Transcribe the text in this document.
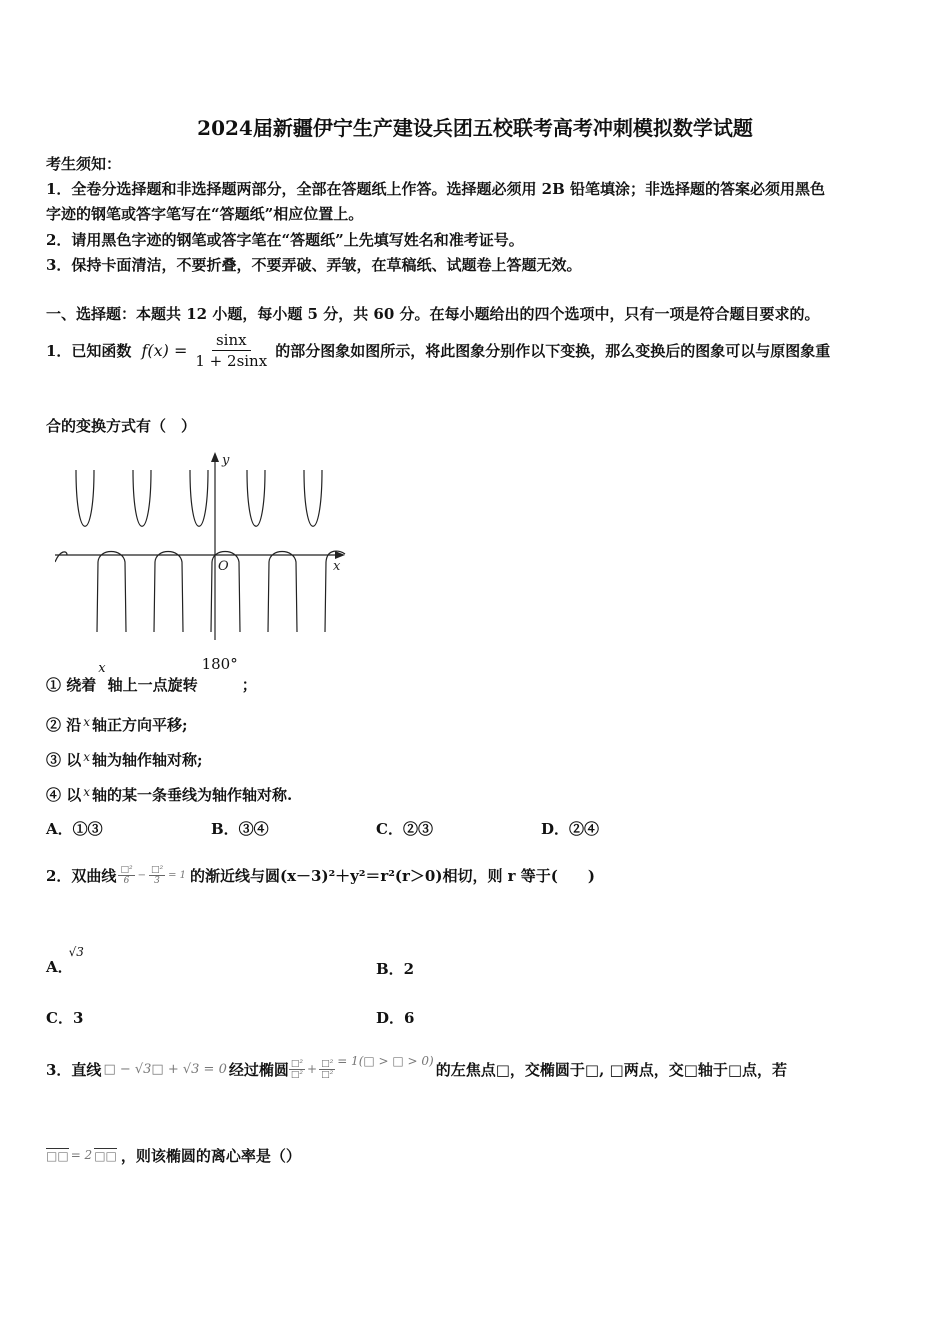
2024届新疆伊宁生产建设兵团五校联考高考冲刺模拟数学试题
考生须知：
1．全卷分选择题和非选择题两部分，全部在答题纸上作答。选择题必须用 2B 铅笔填涂；非选择题的答案必须用黑色
字迹的钢笔或答字笔写在“答题纸”相应位置上。
2．请用黑色字迹的钢笔或答字笔在“答题纸”上先填写姓名和准考证号。
3．保持卡面清洁，不要折叠，不要弄破、弄皱，在草稿纸、试题卷上答题无效。
一、选择题：本题共 12 小题，每小题 5 分，共 60 分。在每小题给出的四个选项中，只有一项是符合题目要求的。
1．已知函数 $f(x) = \frac{\sin x}{1 + 2\sin x}$ 的部分图象如图所示，将此图象分别作以下变换，那么变换后的图象可以与原图象重
合的变换方式有（　）
y
x
O
① 绕着
x
轴上一点旋转
180°
；
② 沿 $^x$ 轴正方向平移;
③ 以 $^x$ 轴为轴作轴对称;
④ 以 $^x$ 轴的某一条垂线为轴作轴对称.
A．①③	B．③④	C．②③	D．②④
2．双曲线 □²
6 − □²
3 = 1 的渐近线与圆(x－3)²＋y²＝r²(r＞0)相切，则 r 等于(　　)
A．
√3
B．2
C．3	D．6
3．直线 □ − √3□ + √3 = 0 经过椭圆 □²
□² + □²
□²
= 1(□ > □ > 0) 的左焦点□，交椭圆于□, □两点，交□轴于□点，若
□□ = 2 □□ ，则该椭圆的离心率是（）
